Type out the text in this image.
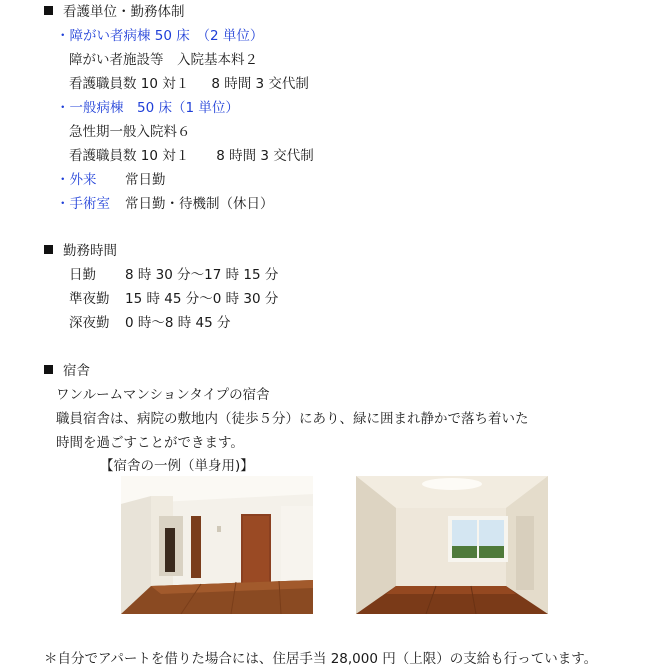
看護単位・勤務体制
・障がい者病棟 50 床　（2 単位）
障がい者施設等　入院基本料２
看護職員数 10 対１　  8 時間 3 交代制
・一般病棟　50 床（1 単位）
急性期一般入院料６
看護職員数 10 対１　　8 時間 3 交代制
・外来 常日勤
・手術室 常日勤・待機制（休日）
勤務時間
日勤 8 時 30 分～17 時 15 分
準夜勤 15 時 45 分～0 時 30 分
深夜勤 0 時～8 時 45 分
宿舎
ワンルームマンションタイプの宿舎
職員宿舎は、病院の敷地内（徒歩５分）にあり、緑に囲まれ静かで落ち着いた
時間を過ごすことができます。
【宿舎の一例（単身用)】
＊自分でアパートを借りた場合には、住居手当 28,000 円（上限）の支給も行っています。
